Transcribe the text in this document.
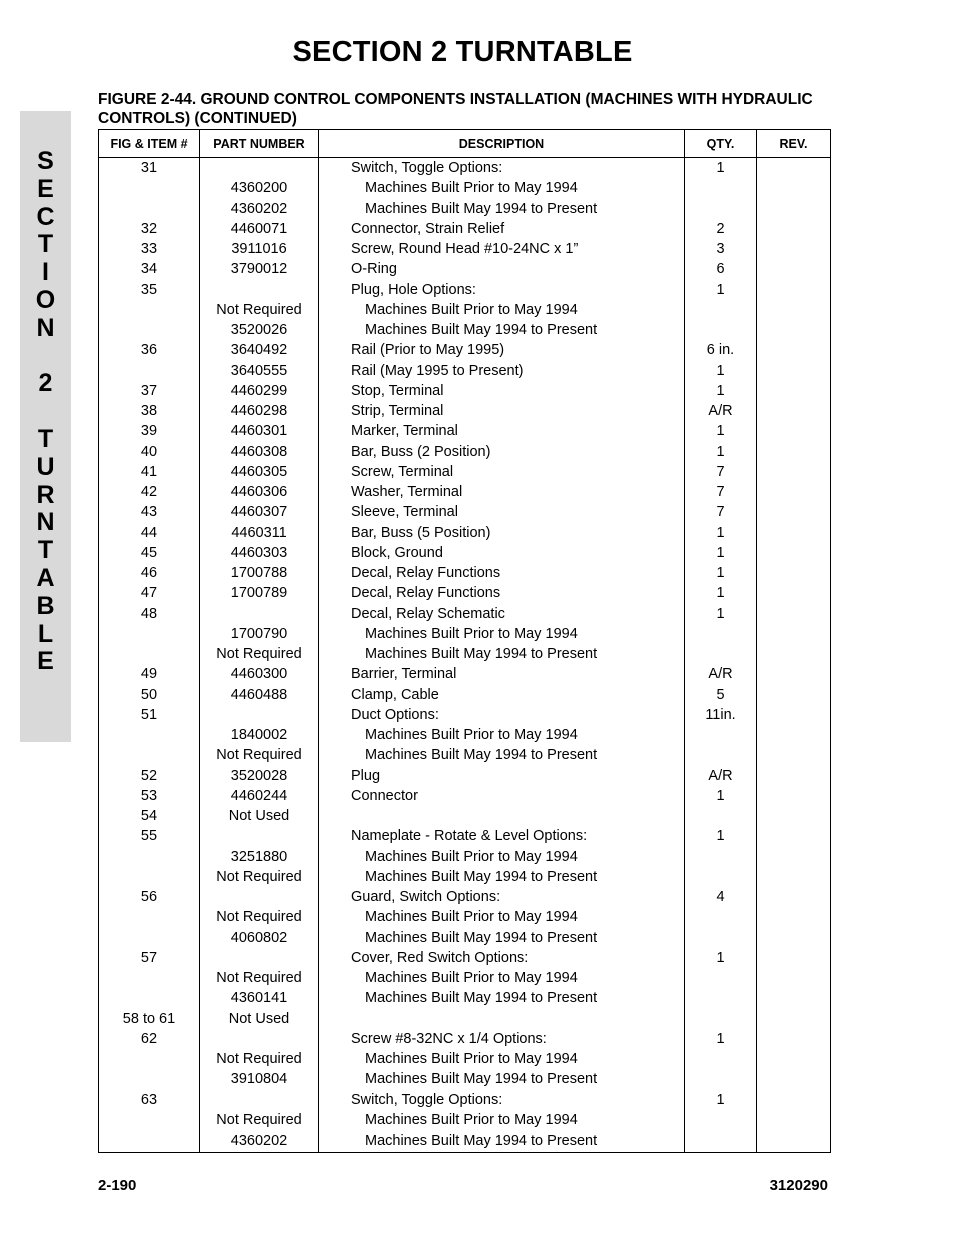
SECTION 2 TURNTABLE
FIGURE 2-44. GROUND CONTROL COMPONENTS INSTALLATION (MACHINES WITH HYDRAULIC CONTROLS) (CONTINUED)
S
E
C
T
I
O
N
2
T
U
R
N
T
A
B
L
E
FIG & ITEM #	PART NUMBER	DESCRIPTION	QTY.	REV.
31		Switch, Toggle Options:	1	
	4360200	Machines Built Prior to May 1994		
	4360202	Machines Built May 1994 to Present		
32	4460071	Connector, Strain Relief	2	
33	3911016	Screw, Round Head #10-24NC x 1”	3	
34	3790012	O-Ring	6	
35		Plug, Hole Options:	1	
	Not Required	Machines Built Prior to May 1994		
	3520026	Machines Built May 1994 to Present		
36	3640492	Rail (Prior to May 1995)	6 in.	
	3640555	Rail (May 1995 to Present)	1	
37	4460299	Stop, Terminal	1	
38	4460298	Strip, Terminal	A/R	
39	4460301	Marker, Terminal	1	
40	4460308	Bar, Buss (2 Position)	1	
41	4460305	Screw, Terminal	7	
42	4460306	Washer, Terminal	7	
43	4460307	Sleeve, Terminal	7	
44	4460311	Bar, Buss (5 Position)	1	
45	4460303	Block, Ground	1	
46	1700788	Decal, Relay Functions	1	
47	1700789	Decal, Relay Functions	1	
48		Decal, Relay Schematic	1	
	1700790	Machines Built Prior to May 1994		
	Not Required	Machines Built May 1994 to Present		
49	4460300	Barrier, Terminal	A/R	
50	4460488	Clamp, Cable	5	
51		Duct Options:	11in.	
	1840002	Machines Built Prior to May 1994		
	Not Required	Machines Built May 1994 to Present		
52	3520028	Plug	A/R	
53	4460244	Connector	1	
54	Not Used			
55		Nameplate - Rotate & Level Options:	1	
	3251880	Machines Built Prior to May 1994		
	Not Required	Machines Built May 1994 to Present		
56		Guard, Switch Options:	4	
	Not Required	Machines Built Prior to May 1994		
	4060802	Machines Built May 1994 to Present		
57		Cover, Red Switch Options:	1	
	Not Required	Machines Built Prior to May 1994		
	4360141	Machines Built May 1994 to Present		
58 to 61	Not Used			
62		Screw #8-32NC x 1/4 Options:	1	
	Not Required	Machines Built Prior to May 1994		
	3910804	Machines Built May 1994 to Present		
63		Switch, Toggle Options:	1	
	Not Required	Machines Built Prior to May 1994		
	4360202	Machines Built May 1994 to Present		
2-190	3120290
